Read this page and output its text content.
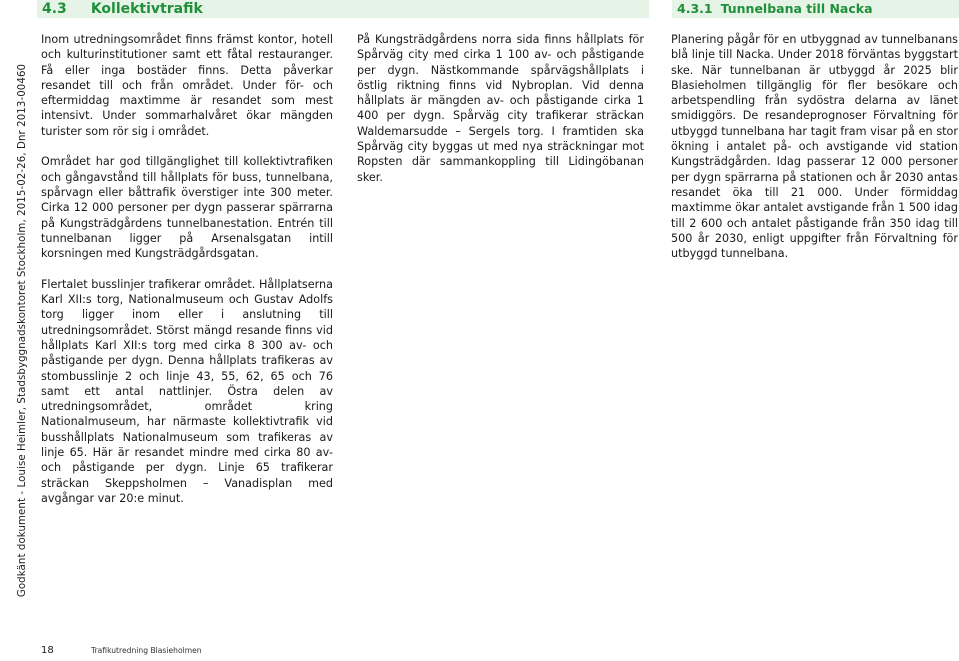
Godkänt dokument - Louise Heimler, Stadsbyggnadskontoret Stockholm, 2015-02-26, Dnr 2013-00460
4.3 Kollektivtrafik	4.3.1 Tunnelbana till Nacka

Inom utredningsområdet finns främst kontor, hotell och kulturinstitutioner samt ett fåtal restauranger. Få eller inga bostäder finns. Detta påverkar resandet till och från området. Under för- och eftermiddag maxtimme är resandet som mest intensivt. Under sommarhalvåret ökar mängden turister som rör sig i området.

Området har god tillgänglighet till kollektivtrafiken och gångavstånd till hållplats för buss, tunnelbana, spårvagn eller båttrafik överstiger inte 300 meter. Cirka 12 000 personer per dygn passerar spärrarna på Kungsträdgårdens tunnelbanestation. Entrén till tunnelbanan ligger på Arsenalsgatan intill korsningen med Kungsträdgårdsgatan.

Flertalet busslinjer trafikerar området. Hållplatserna Karl XII:s torg, Nationalmuseum och Gustav Adolfs torg ligger inom eller i anslutning till utredningsområdet. Störst mängd resande finns vid hållplats Karl XII:s torg med cirka 8 300 av- och påstigande per dygn. Denna hållplats trafikeras av stombusslinje 2 och linje 43, 55, 62, 65 och 76 samt ett antal nattlinjer. Östra delen av utredningsområdet, området kring Nationalmuseum, har närmaste kollektivtrafik vid busshållplats Nationalmuseum som trafikeras av linje 65. Här är resandet mindre med cirka 80 av- och påstigande per dygn. Linje 65 trafikerar sträckan Skeppsholmen – Vanadisplan med avgångar var 20:e minut.

På Kungsträdgårdens norra sida finns hållplats för Spårväg city med cirka 1 100 av- och påstigande per dygn. Nästkommande spårvägshållplats i östlig riktning finns vid Nybroplan. Vid denna hållplats är mängden av- och påstigande cirka 1 400 per dygn. Spårväg city trafikerar sträckan Waldemarsudde – Sergels torg. I framtiden ska Spårväg city byggas ut med nya sträckningar mot Ropsten där sammankoppling till Lidingöbanan sker.

Planering pågår för en utbyggnad av tunnelbanans blå linje till Nacka. Under 2018 förväntas byggstart ske. När tunnelbanan är utbyggd år 2025 blir Blasieholmen tillgänglig för fler besökare och arbetspendling från sydöstra delarna av länet smidiggörs. De resandeprognoser Förvaltning för utbyggd tunnelbana har tagit fram visar på en stor ökning i antalet på- och avstigande vid station Kungsträdgården. Idag passerar 12 000 personer per dygn spärrarna på stationen och år 2030 antas resandet öka till 21 000. Under förmiddag maxtimme ökar antalet avstigande från 1 500 idag till 2 600 och antalet påstigande från 350 idag till 500 år 2030, enligt uppgifter från Förvaltning för utbyggd tunnelbana.

18	Trafikutredning Blasieholmen
